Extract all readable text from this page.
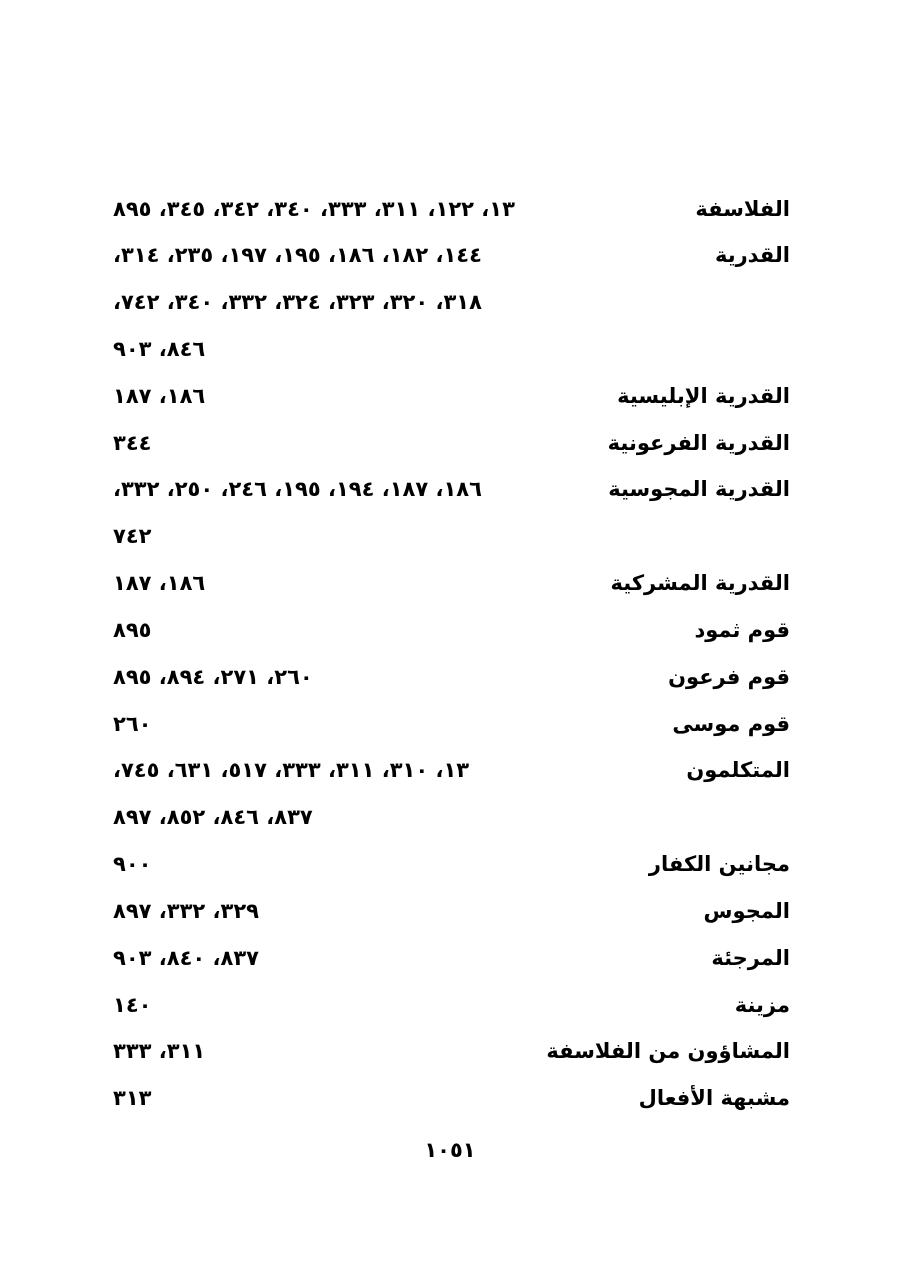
الفلاسفة
١٣، ١٢٢، ٣١١، ٣٣٣، ٣٤٠، ٣٤٢، ٣٤٥، ٨٩٥
القدرية
١٤٤، ١٨٢، ١٨٦، ١٩٥، ١٩٧، ٢٣٥، ٣١٤،
٣١٨، ٣٢٠، ٣٢٣، ٣٢٤، ٣٣٢، ٣٤٠، ٧٤٢،
٨٤٦، ٩٠٣
القدرية الإبليسية
١٨٦، ١٨٧
القدرية الفرعونية
٣٤٤
القدرية المجوسية
١٨٦، ١٨٧، ١٩٤، ١٩٥، ٢٤٦، ٢٥٠، ٣٣٢،
٧٤٢
القدرية المشركية
١٨٦، ١٨٧
قوم ثمود
٨٩٥
قوم فرعون
٢٦٠، ٢٧١، ٨٩٤، ٨٩٥
قوم موسى
٢٦٠
المتكلمون
١٣، ٣١٠، ٣١١، ٣٣٣، ٥١٧، ٦٣١، ٧٤٥،
٨٣٧، ٨٤٦، ٨٥٢، ٨٩٧
مجانين الكفار
٩٠٠
المجوس
٣٢٩، ٣٣٢، ٨٩٧
المرجئة
٨٣٧، ٨٤٠، ٩٠٣
مزينة
١٤٠
المشاؤون من الفلاسفة
٣١١، ٣٣٣
مشبهة الأفعال
٣١٣
١٠٥١
